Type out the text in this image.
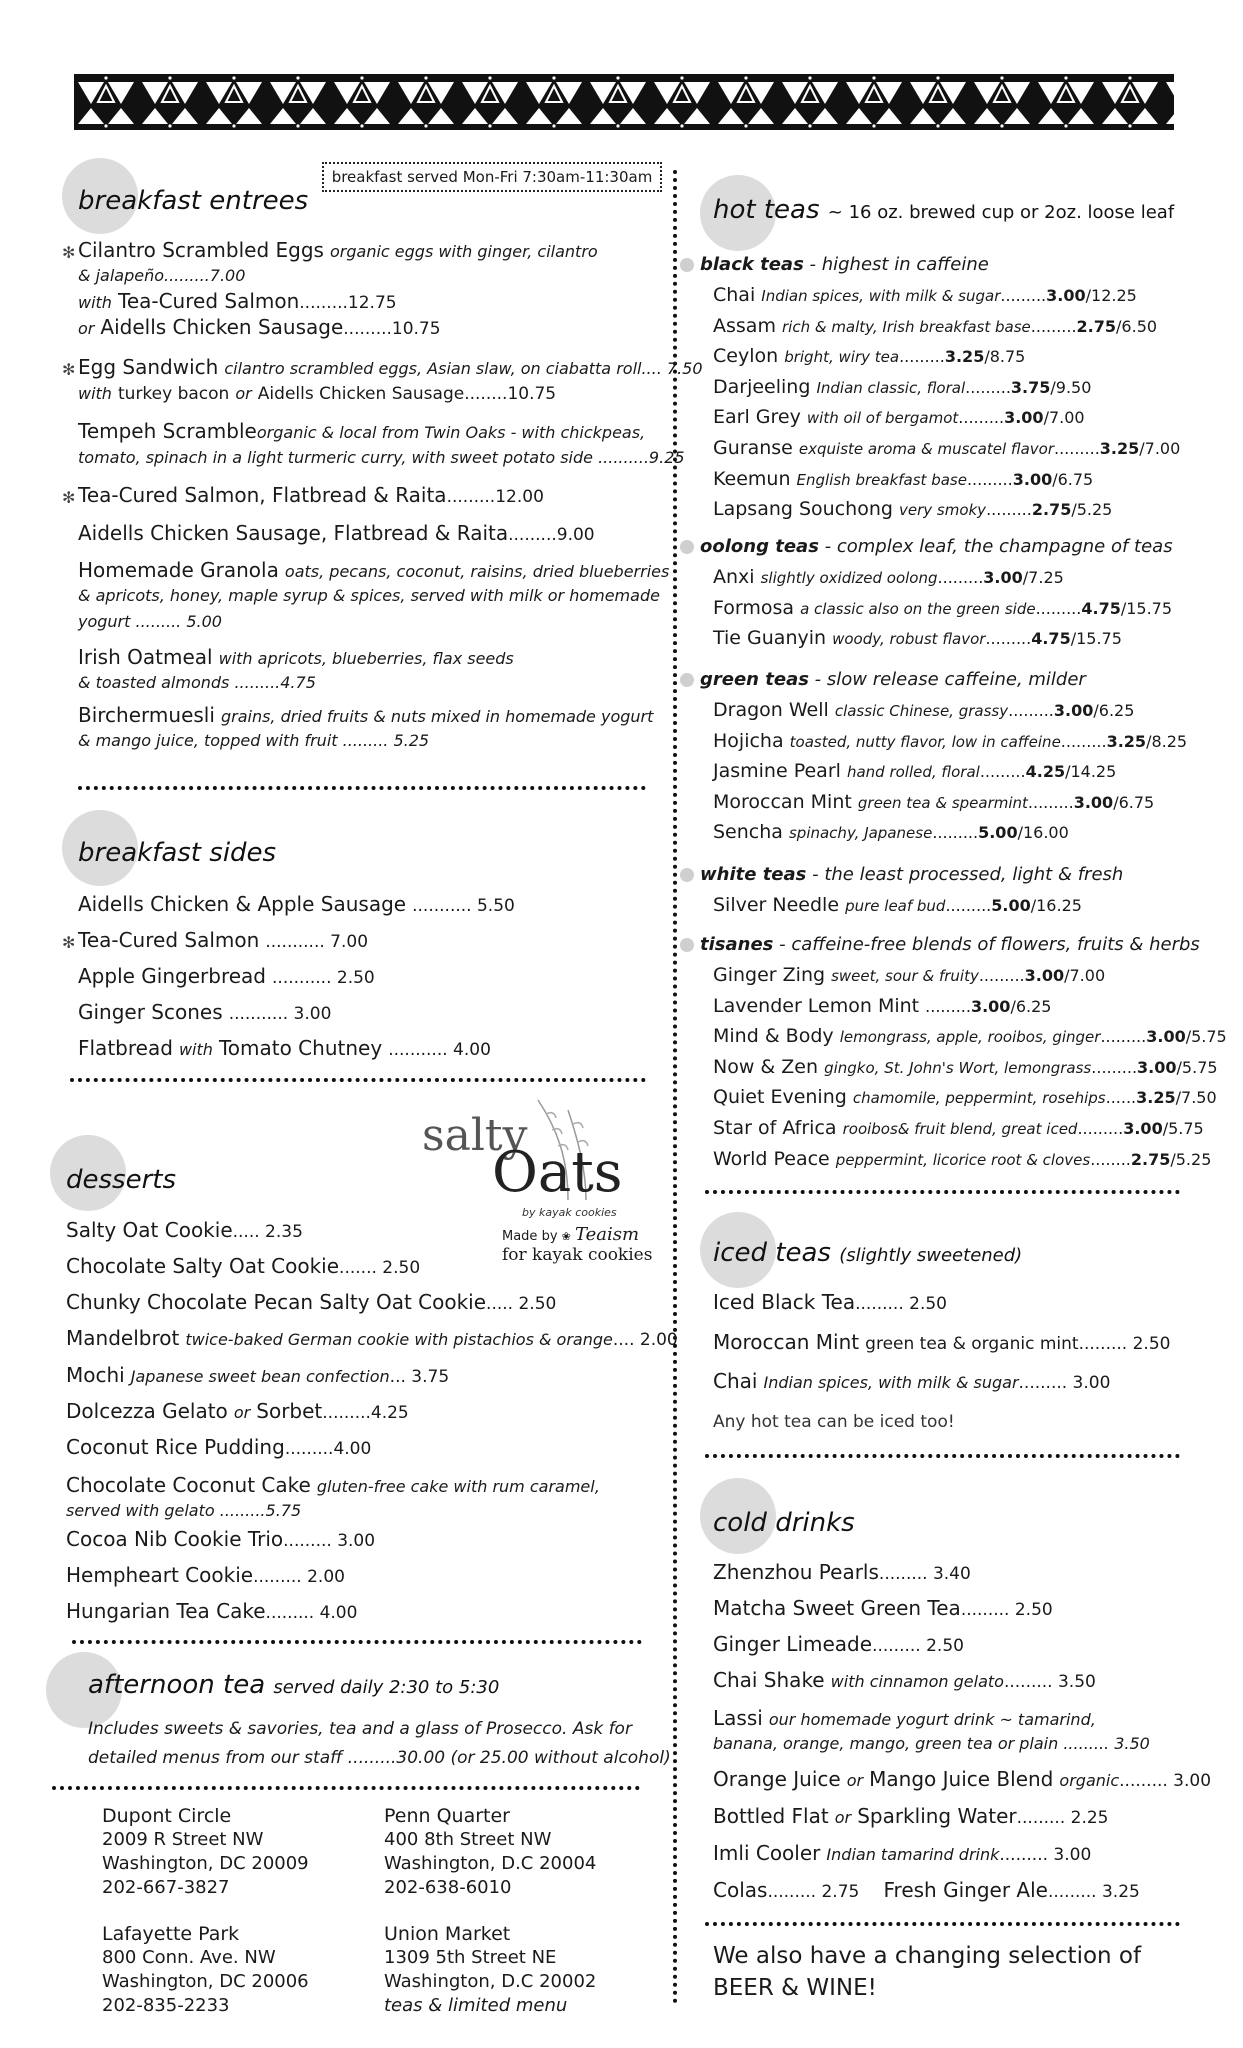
breakfast served Mon-Fri 7:30am-11:30am
breakfast entrees
✻ Cilantro Scrambled Eggs organic eggs with ginger, cilantro
& jalapeño.........7.00
with Tea-Cured Salmon.........12.75
or Aidells Chicken Sausage.........10.75
✻ Egg Sandwich cilantro scrambled eggs, Asian slaw, on ciabatta roll.... 7.50
with turkey bacon or Aidells Chicken Sausage........10.75
Tempeh Scrambleorganic & local from Twin Oaks - with chickpeas,
tomato, spinach in a light turmeric curry, with sweet potato side ..........9.25
✻ Tea-Cured Salmon, Flatbread & Raita.........12.00
Aidells Chicken Sausage, Flatbread & Raita.........9.00
Homemade Granola oats, pecans, coconut, raisins, dried blueberries
& apricots, honey, maple syrup & spices, served with milk or homemade
yogurt ......... 5.00
Irish Oatmeal with apricots, blueberries, flax seeds
& toasted almonds .........4.75
Birchermuesli grains, dried fruits & nuts mixed in homemade yogurt
& mango juice, topped with fruit ......... 5.25
breakfast sides
Aidells Chicken & Apple Sausage ........... 5.50
✻ Tea-Cured Salmon ........... 7.00
Apple Gingerbread ........... 2.50
Ginger Scones ........... 3.00
Flatbread with Tomato Chutney ........... 4.00
salty
Oats
by kayak cookies
Made by ❀ Teaism
for kayak cookies
desserts
Salty Oat Cookie..... 2.35
Chocolate Salty Oat Cookie....... 2.50
Chunky Chocolate Pecan Salty Oat Cookie..... 2.50
Mandelbrot twice-baked German cookie with pistachios & orange.... 2.00
Mochi Japanese sweet bean confection... 3.75
Dolcezza Gelato or Sorbet.........4.25
Coconut Rice Pudding.........4.00
Chocolate Coconut Cake gluten-free cake with rum caramel,
served with gelato .........5.75
Cocoa Nib Cookie Trio......... 3.00
Hempheart Cookie......... 2.00
Hungarian Tea Cake......... 4.00
afternoon tea served daily 2:30 to 5:30
Includes sweets & savories, tea and a glass of Prosecco. Ask for
detailed menus from our staff .........30.00 (or 25.00 without alcohol)
Dupont Circle
2009 R Street NW
Washington, DC 20009
202-667-3827
Penn Quarter
400 8th Street NW
Washington, D.C 20004
202-638-6010
Lafayette Park
800 Conn. Ave. NW
Washington, DC 20006
202-835-2233
Union Market
1309 5th Street NE
Washington, D.C 20002
teas & limited menu
hot teas ~ 16 oz. brewed cup or 2oz. loose leaf
black teas - highest in caffeine
Chai Indian spices, with milk & sugar.........3.00/12.25
Assam rich & malty, Irish breakfast base.........2.75/6.50
Ceylon bright, wiry tea.........3.25/8.75
Darjeeling Indian classic, floral.........3.75/9.50
Earl Grey with oil of bergamot.........3.00/7.00
Guranse exquiste aroma & muscatel flavor.........3.25/7.00
Keemun English breakfast base.........3.00/6.75
Lapsang Souchong very smoky.........2.75/5.25
oolong teas - complex leaf, the champagne of teas
Anxi slightly oxidized oolong.........3.00/7.25
Formosa a classic also on the green side.........4.75/15.75
Tie Guanyin woody, robust flavor.........4.75/15.75
green teas - slow release caffeine, milder
Dragon Well classic Chinese, grassy.........3.00/6.25
Hojicha toasted, nutty flavor, low in caffeine.........3.25/8.25
Jasmine Pearl hand rolled, floral.........4.25/14.25
Moroccan Mint green tea & spearmint.........3.00/6.75
Sencha spinachy, Japanese.........5.00/16.00
white teas - the least processed, light & fresh
Silver Needle pure leaf bud.........5.00/16.25
tisanes - caffeine-free blends of flowers, fruits & herbs
Ginger Zing sweet, sour & fruity.........3.00/7.00
Lavender Lemon Mint .........3.00/6.25
Mind & Body lemongrass, apple, rooibos, ginger.........3.00/5.75
Now & Zen gingko, St. John's Wort, lemongrass.........3.00/5.75
Quiet Evening chamomile, peppermint, rosehips......3.25/7.50
Star of Africa rooibos& fruit blend, great iced.........3.00/5.75
World Peace peppermint, licorice root & cloves........2.75/5.25
iced teas (slightly sweetened)
Iced Black Tea......... 2.50
Moroccan Mint green tea & organic mint......... 2.50
Chai Indian spices, with milk & sugar......... 3.00
Any hot tea can be iced too!
cold drinks
Zhenzhou Pearls......... 3.40
Matcha Sweet Green Tea......... 2.50
Ginger Limeade......... 2.50
Chai Shake with cinnamon gelato......... 3.50
Lassi our homemade yogurt drink ~ tamarind,
banana, orange, mango, green tea or plain ......... 3.50
Orange Juice or Mango Juice Blend organic......... 3.00
Bottled Flat or Sparkling Water......... 2.25
Imli Cooler Indian tamarind drink......... 3.00
Colas......... 2.75 Fresh Ginger Ale......... 3.25
We also have a changing selection of
BEER & WINE!
